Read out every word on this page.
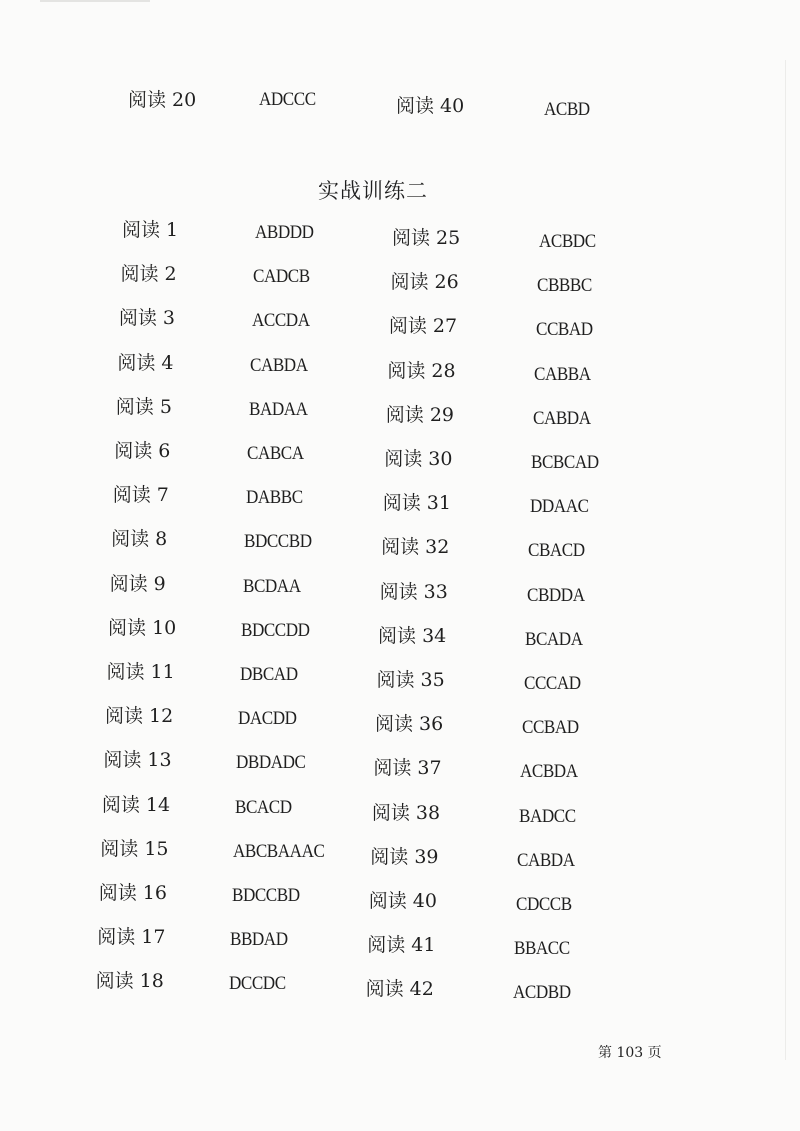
阅读 20	ADCCC	阅读 40	ACBD
实战训练二
阅读 1	ABDDD	阅读 25	ACBDC
阅读 2	CADCB	阅读 26	CBBBC
阅读 3	ACCDA	阅读 27	CCBAD
阅读 4	CABDA	阅读 28	CABBA
阅读 5	BADAA	阅读 29	CABDA
阅读 6	CABCA	阅读 30	BCBCAD
阅读 7	DABBC	阅读 31	DDAAC
阅读 8	BDCCBD	阅读 32	CBACD
阅读 9	BCDAA	阅读 33	CBDDA
阅读 10	BDCCDD	阅读 34	BCADA
阅读 11	DBCAD	阅读 35	CCCAD
阅读 12	DACDD	阅读 36	CCBAD
阅读 13	DBDADC	阅读 37	ACBDA
阅读 14	BCACD	阅读 38	BADCC
阅读 15	ABCBAAAC 阅读 39	CABDA
阅读 16	BDCCBD	阅读 40	CDCCB
阅读 17	BBDAD	阅读 41	BBACC
阅读 18	DCCDC	阅读 42	ACDBD
第 103 页
